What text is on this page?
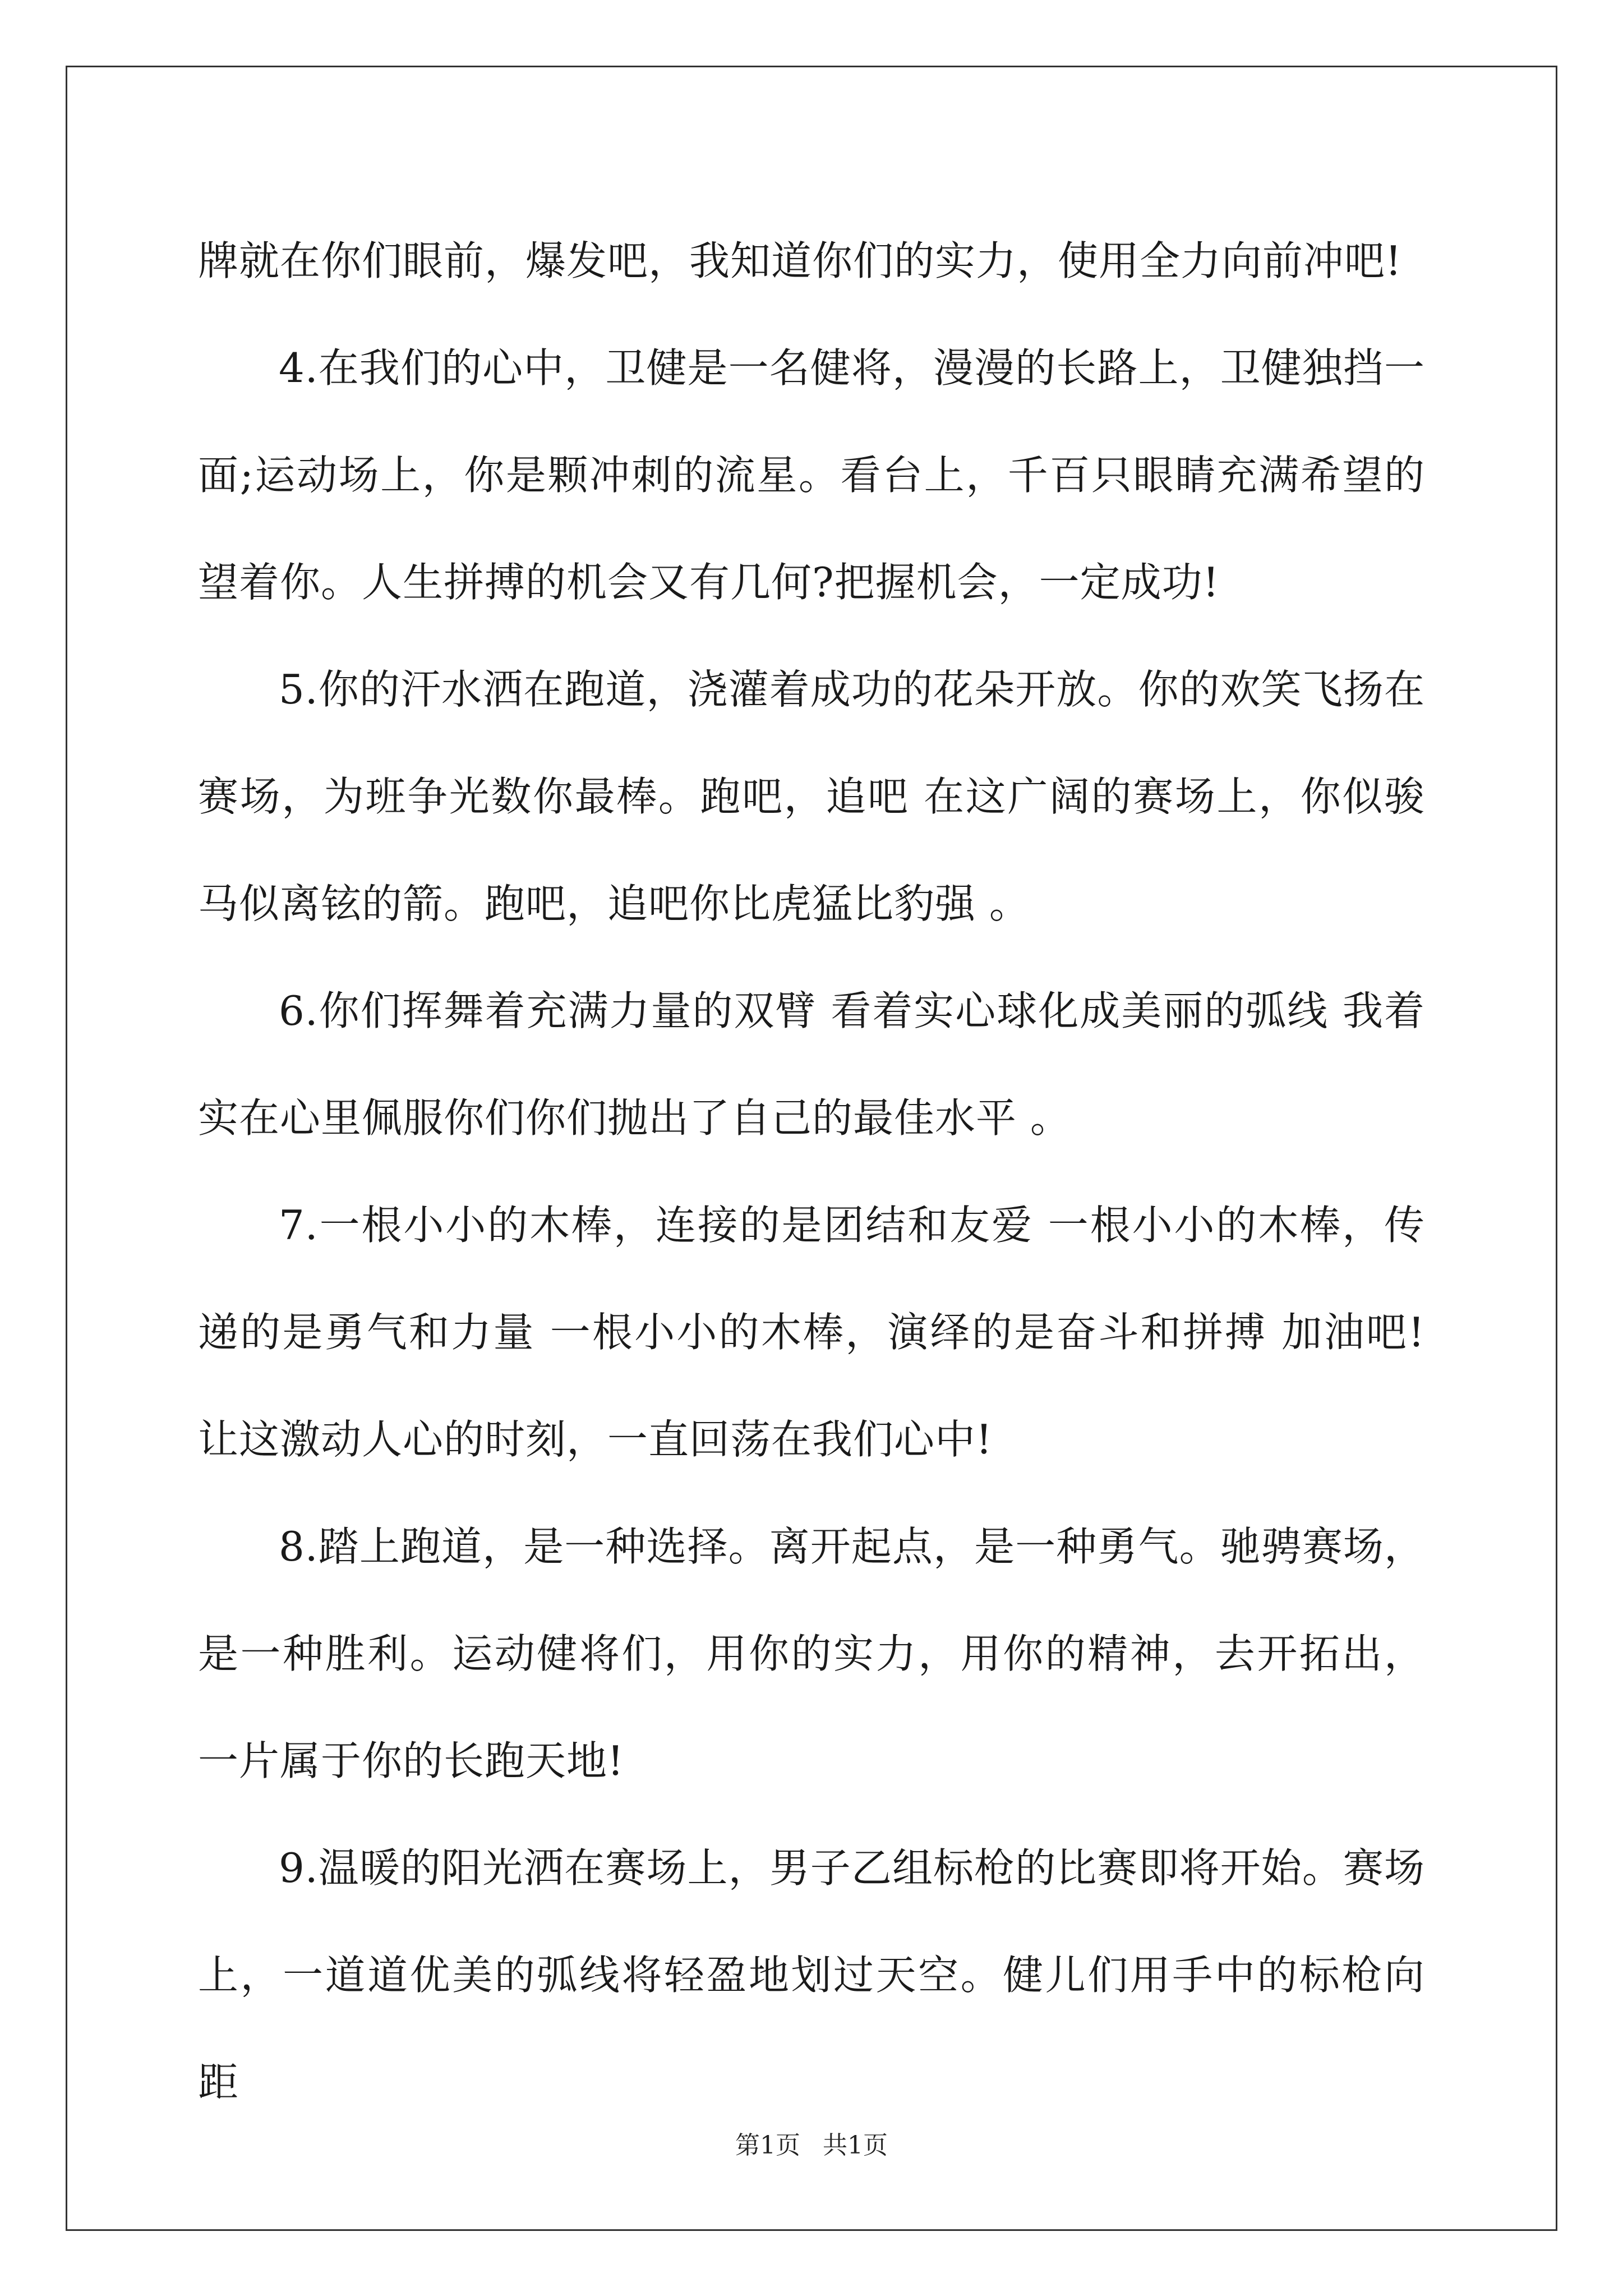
牌就在你们眼前，爆发吧，我知道你们的实力，使用全力向前冲吧!

4.在我们的心中，卫健是一名健将，漫漫的长路上，卫健独挡一面;运动场上，你是颗冲刺的流星。看台上，千百只眼睛充满希望的望着你。人生拼搏的机会又有几何?把握机会，一定成功!

5.你的汗水洒在跑道，浇灌着成功的花朵开放。你的欢笑飞扬在赛场，为班争光数你最棒。跑吧，追吧 在这广阔的赛场上，你似骏马似离铉的箭。跑吧，追吧你比虎猛比豹强 。

6.你们挥舞着充满力量的双臂 看着实心球化成美丽的弧线 我着实在心里佩服你们你们抛出了自己的最佳水平 。

7.一根小小的木棒，连接的是团结和友爱 一根小小的木棒，传递的是勇气和力量 一根小小的木棒，演绎的是奋斗和拼搏 加油吧!让这激动人心的时刻，一直回荡在我们心中!

8.踏上跑道，是一种选择。离开起点，是一种勇气。驰骋赛场，是一种胜利。运动健将们，用你的实力，用你的精神，去开拓出，一片属于你的长跑天地!

9.温暖的阳光洒在赛场上，男子乙组标枪的比赛即将开始。赛场上，一道道优美的弧线将轻盈地划过天空。健儿们用手中的标枪向距

第1页 共1页
